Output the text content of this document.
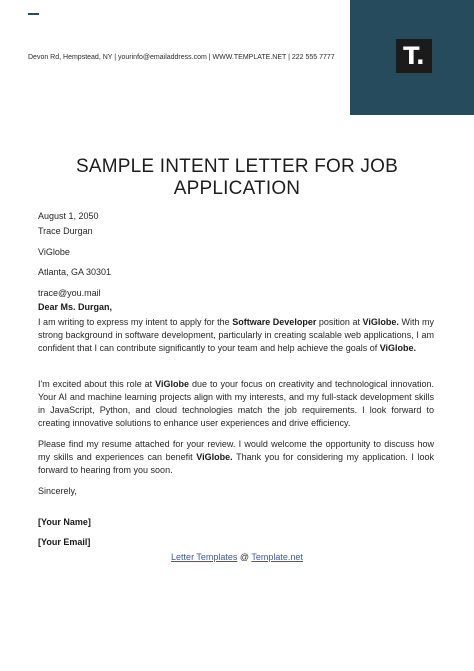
T.
Devon Rd, Hempstead, NY | yourinfo@emailaddress.com | WWW.TEMPLATE.NET | 222 555 7777
SAMPLE INTENT LETTER FOR JOB APPLICATION
August 1, 2050
Trace Durgan
ViGlobe
Atlanta, GA 30301
trace@you.mail
Dear Ms. Durgan,

I am writing to express my intent to apply for the Software Developer position at ViGlobe. With my strong background in software development, particularly in creating scalable web applications, I am confident that I can contribute significantly to your team and help achieve the goals of ViGlobe.

I'm excited about this role at ViGlobe due to your focus on creativity and technological innovation. Your AI and machine learning projects align with my interests, and my full-stack development skills in JavaScript, Python, and cloud technologies match the job requirements. I look forward to creating innovative solutions to enhance user experiences and drive efficiency.

Please find my resume attached for your review. I would welcome the opportunity to discuss how my skills and experiences can benefit ViGlobe. Thank you for considering my application. I look forward to hearing from you soon.

Sincerely,
[Your Name]
[Your Email]
Letter Templates @ Template.net
